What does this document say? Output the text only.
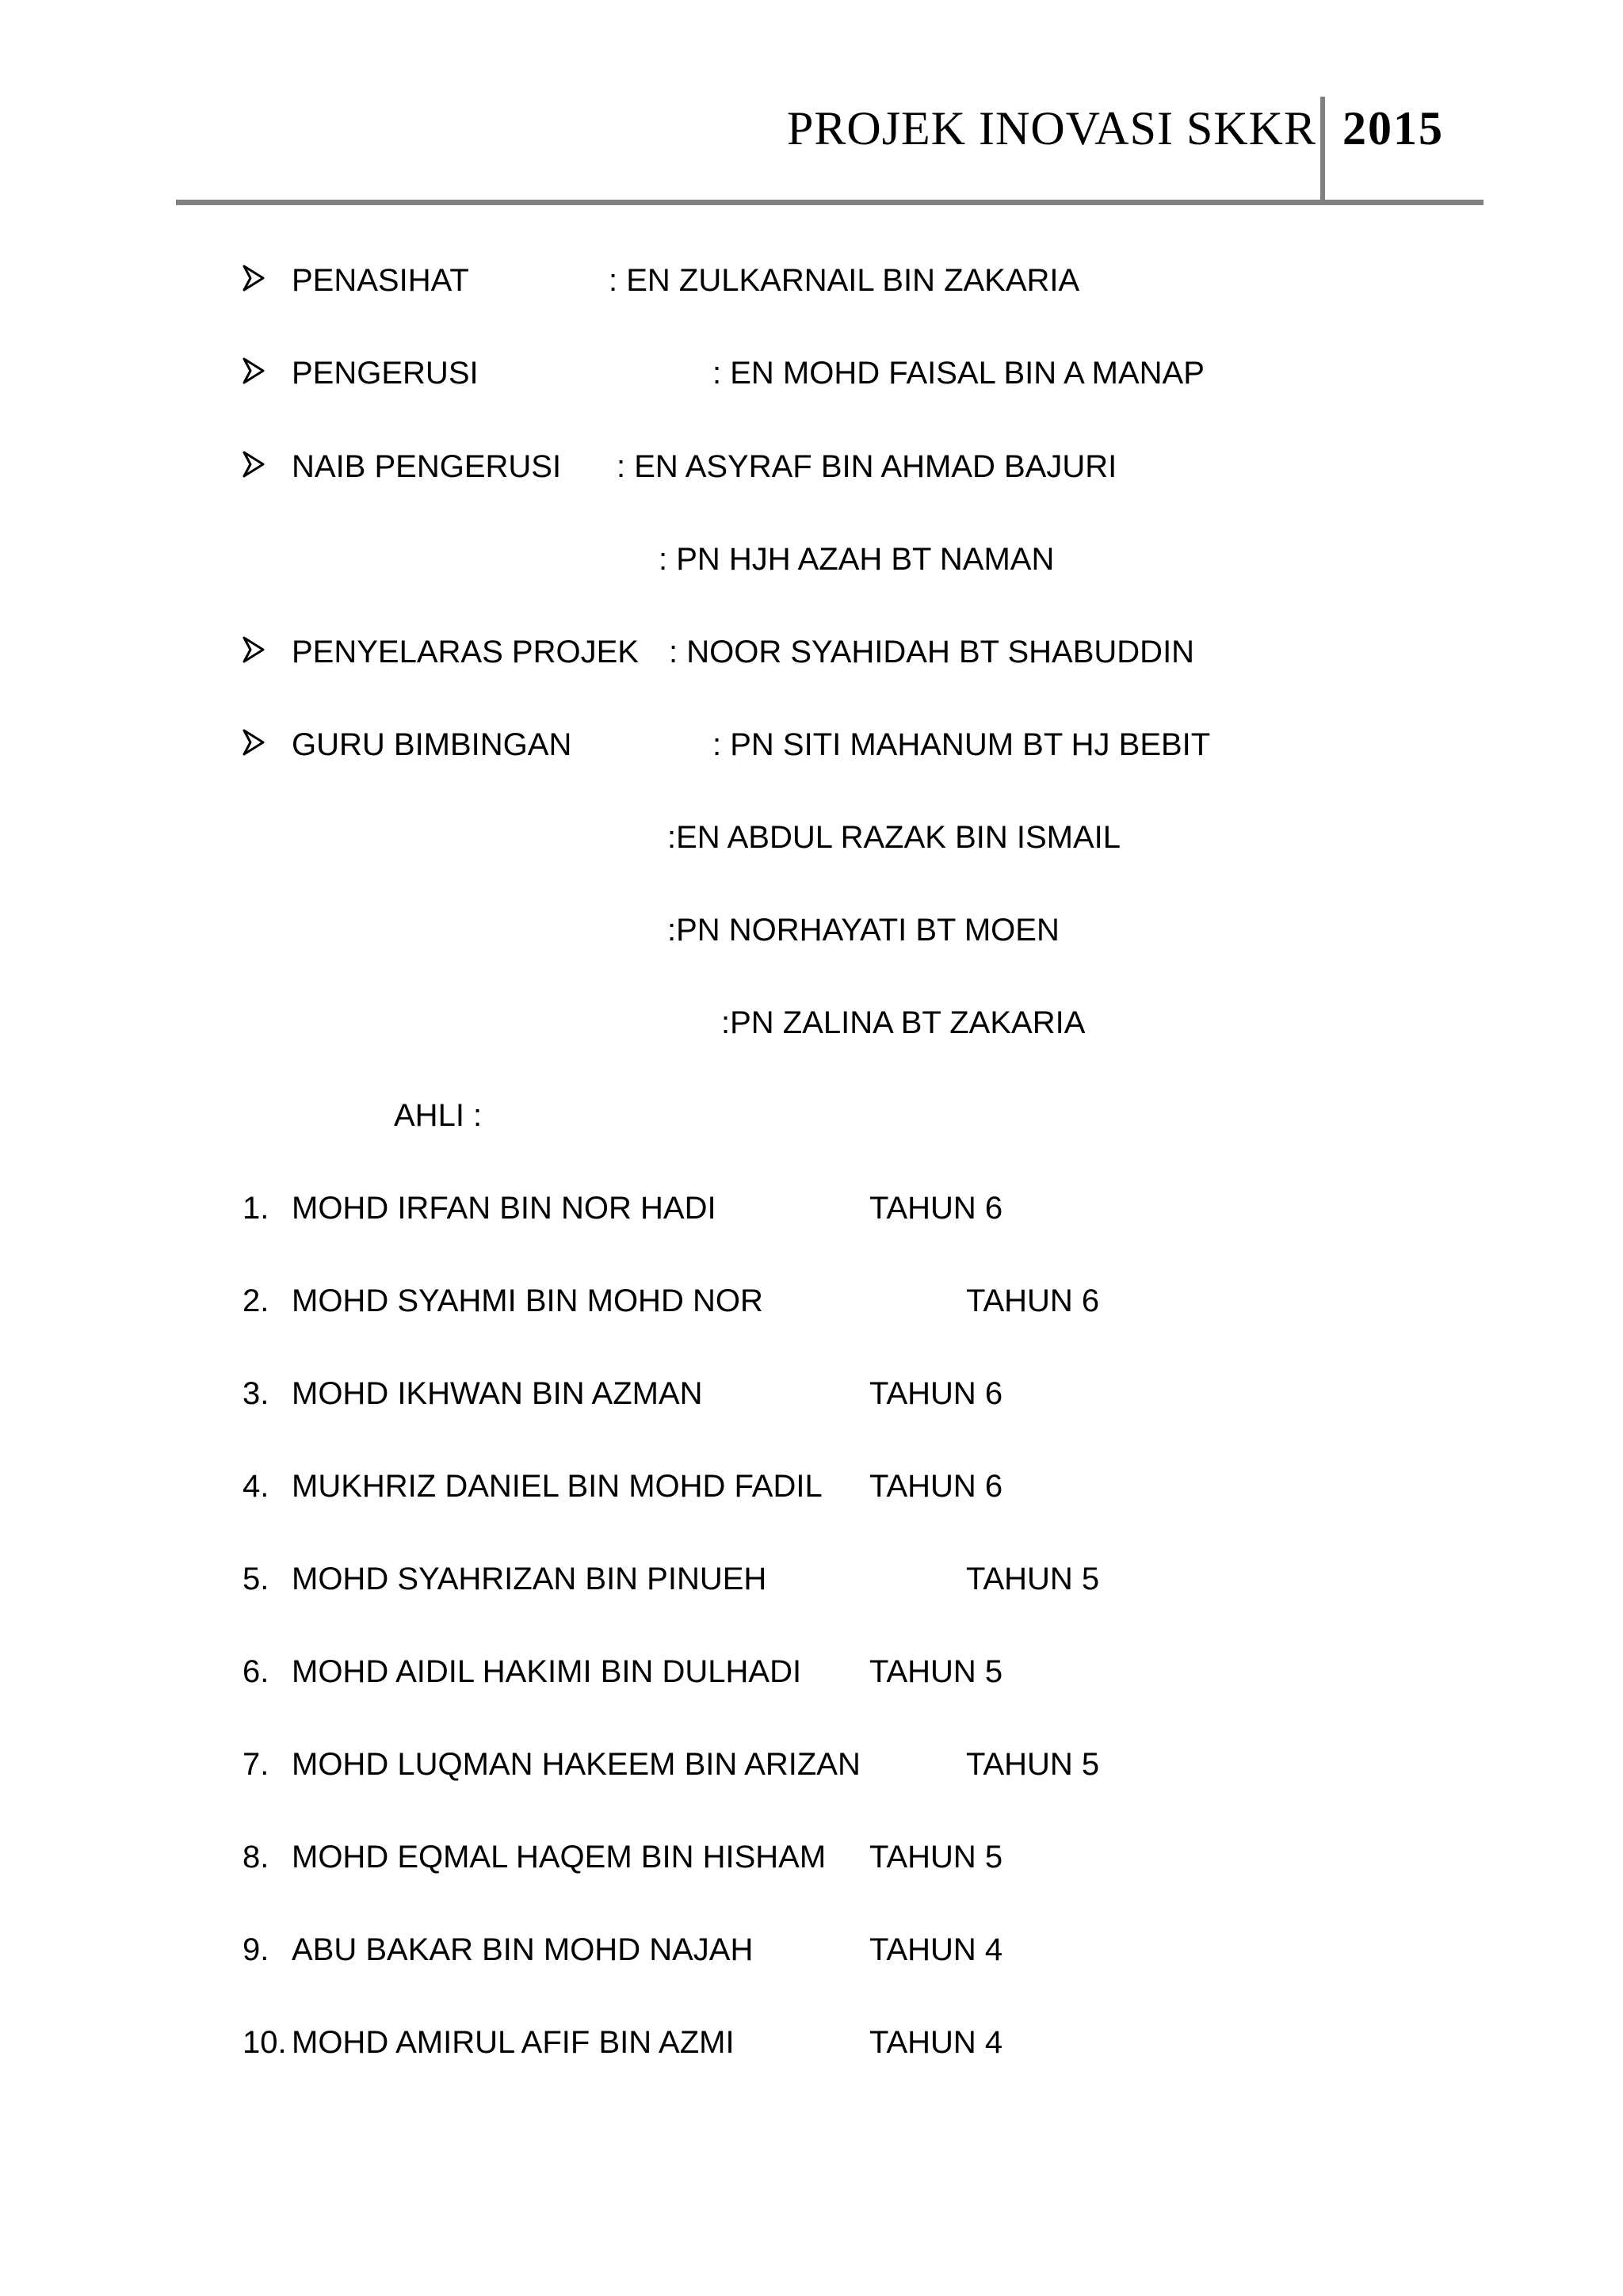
PROJEK INOVASI SKKR 2015
PENASIHAT	: EN ZULKARNAIL BIN ZAKARIA
PENGERUSI	: EN MOHD FAISAL BIN A MANAP
NAIB PENGERUSI : EN ASYRAF BIN AHMAD BAJURI
: PN HJH AZAH BT NAMAN
PENYELARAS PROJEK : NOOR SYAHIDAH BT SHABUDDIN
GURU BIMBINGAN	: PN SITI MAHANUM BT HJ BEBIT
:EN ABDUL RAZAK BIN ISMAIL
:PN NORHAYATI BT MOEN
:PN ZALINA BT ZAKARIA
AHLI :
1. MOHD IRFAN BIN NOR HADI	TAHUN 6
2. MOHD SYAHMI BIN MOHD NOR	TAHUN 6
3. MOHD IKHWAN BIN AZMAN	TAHUN 6
4. MUKHRIZ DANIEL BIN MOHD FADIL TAHUN 6
5. MOHD SYAHRIZAN BIN PINUEH	TAHUN 5
6. MOHD AIDIL HAKIMI BIN DULHADI TAHUN 5
7. MOHD LUQMAN HAKEEM BIN ARIZAN	TAHUN 5
8. MOHD EQMAL HAQEM BIN HISHAM TAHUN 5
9. ABU BAKAR BIN MOHD NAJAH	TAHUN 4
10. MOHD AMIRUL AFIF BIN AZMI	TAHUN 4
